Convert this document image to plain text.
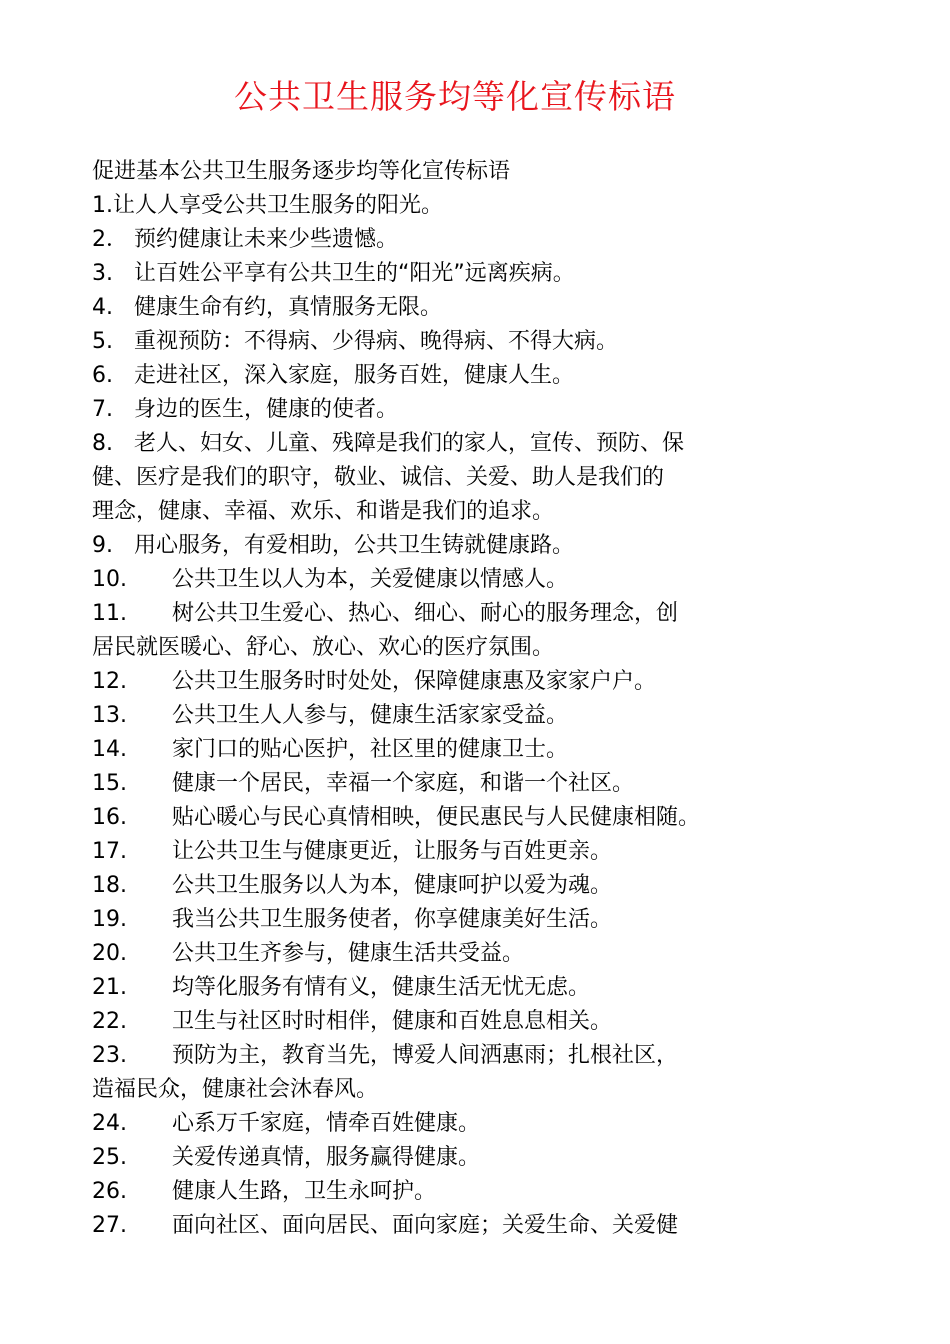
公共卫生服务均等化宣传标语
促进基本公共卫生服务逐步均等化宣传标语
1.让人人享受公共卫生服务的阳光。
2． 预约健康让未来少些遗憾。
3. 让百姓公平享有公共卫生的“阳光”远离疾病。
4. 健康生命有约，真情服务无限。
5. 重视预防：不得病、少得病、晚得病、不得大病。
6. 走进社区，深入家庭，服务百姓，健康人生。
7. 身边的医生，健康的使者。
8. 老人、妇女、儿童、残障是我们的家人，宣传、预防、保
健、医疗是我们的职守，敬业、诚信、关爱、助人是我们的
理念，健康、幸福、欢乐、和谐是我们的追求。
9. 用心服务，有爱相助，公共卫生铸就健康路。
10. 公共卫生以人为本，关爱健康以情感人。
11. 树公共卫生爱心、热心、细心、耐心的服务理念，创
居民就医暖心、舒心、放心、欢心的医疗氛围。
12. 公共卫生服务时时处处，保障健康惠及家家户户。
13. 公共卫生人人参与，健康生活家家受益。
14. 家门口的贴心医护，社区里的健康卫士。
15. 健康一个居民，幸福一个家庭，和谐一个社区。
16. 贴心暖心与民心真情相映，便民惠民与人民健康相随。
17. 让公共卫生与健康更近，让服务与百姓更亲。
18. 公共卫生服务以人为本，健康呵护以爱为魂。
19. 我当公共卫生服务使者，你享健康美好生活。
20. 公共卫生齐参与，健康生活共受益。
21. 均等化服务有情有义，健康生活无忧无虑。
22. 卫生与社区时时相伴，健康和百姓息息相关。
23. 预防为主，教育当先，博爱人间洒惠雨；扎根社区，
造福民众，健康社会沐春风。
24. 心系万千家庭，情牵百姓健康。
25. 关爱传递真情，服务赢得健康。
26. 健康人生路，卫生永呵护。
27. 面向社区、面向居民、面向家庭；关爱生命、关爱健
